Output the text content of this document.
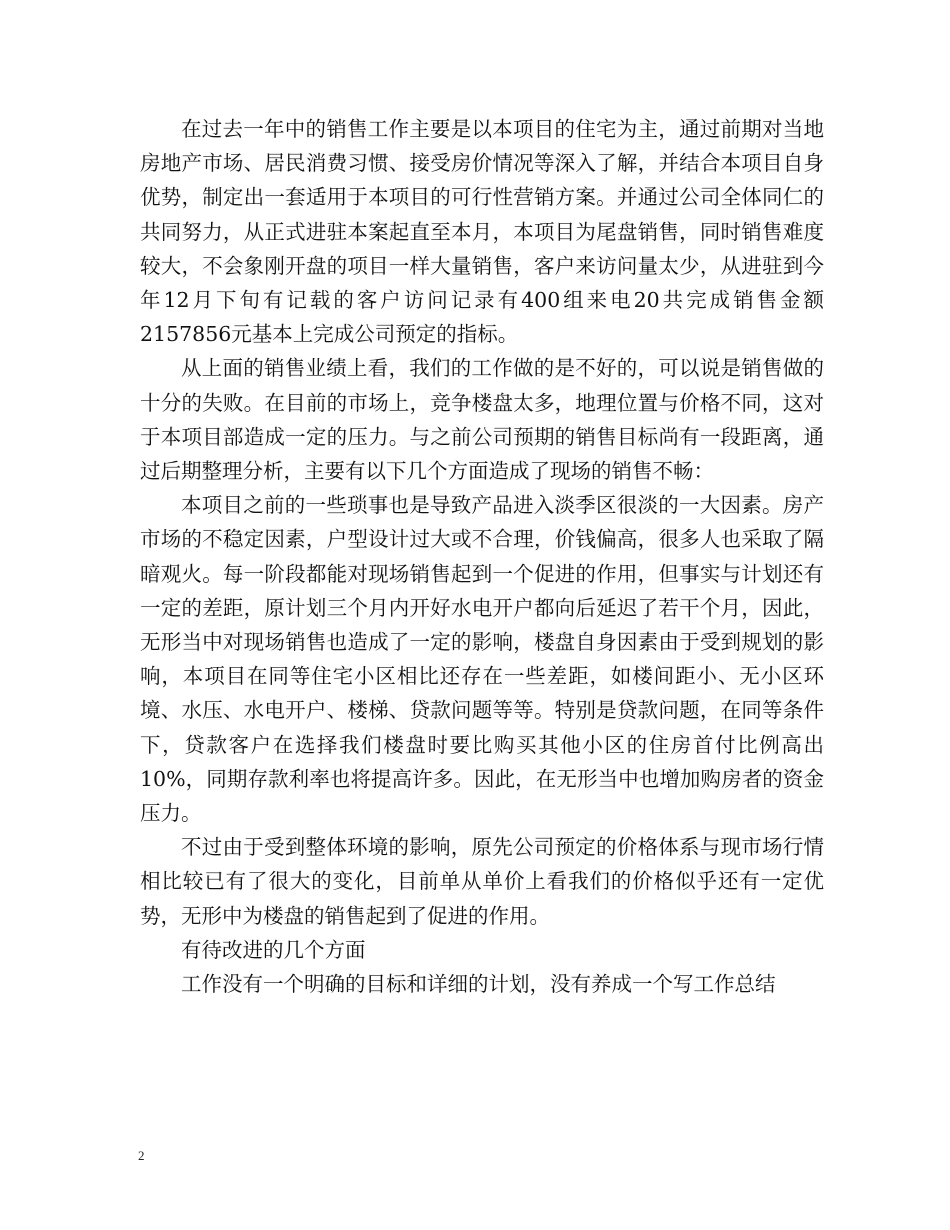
在过去一年中的销售工作主要是以本项目的住宅为主，通过前期对当地房地产市场、居民消费习惯、接受房价情况等深入了解，并结合本项目自身优势，制定出一套适用于本项目的可行性营销方案。并通过公司全体同仁的共同努力，从正式进驻本案起直至本月，本项目为尾盘销售，同时销售难度较大，不会象刚开盘的项目一样大量销售，客户来访问量太少，从进驻到今年12月下旬有记载的客户访问记录有400组来电20共完成销售金额2157856元基本上完成公司预定的指标。

从上面的销售业绩上看，我们的工作做的是不好的，可以说是销售做的十分的失败。在目前的市场上，竞争楼盘太多，地理位置与价格不同，这对于本项目部造成一定的压力。与之前公司预期的销售目标尚有一段距离，通过后期整理分析，主要有以下几个方面造成了现场的销售不畅：

本项目之前的一些琐事也是导致产品进入淡季区很淡的一大因素。房产市场的不稳定因素，户型设计过大或不合理，价钱偏高，很多人也采取了隔暗观火。每一阶段都能对现场销售起到一个促进的作用，但事实与计划还有一定的差距，原计划三个月内开好水电开户都向后延迟了若干个月，因此，无形当中对现场销售也造成了一定的影响，楼盘自身因素由于受到规划的影响，本项目在同等住宅小区相比还存在一些差距，如楼间距小、无小区环境、水压、水电开户、楼梯、贷款问题等等。特别是贷款问题，在同等条件下，贷款客户在选择我们楼盘时要比购买其他小区的住房首付比例高出10%，同期存款利率也将提高许多。因此，在无形当中也增加购房者的资金压力。

不过由于受到整体环境的影响，原先公司预定的价格体系与现市场行情相比较已有了很大的变化，目前单从单价上看我们的价格似乎还有一定优势，无形中为楼盘的销售起到了促进的作用。

有待改进的几个方面

工作没有一个明确的目标和详细的计划，没有养成一个写工作总结

2
